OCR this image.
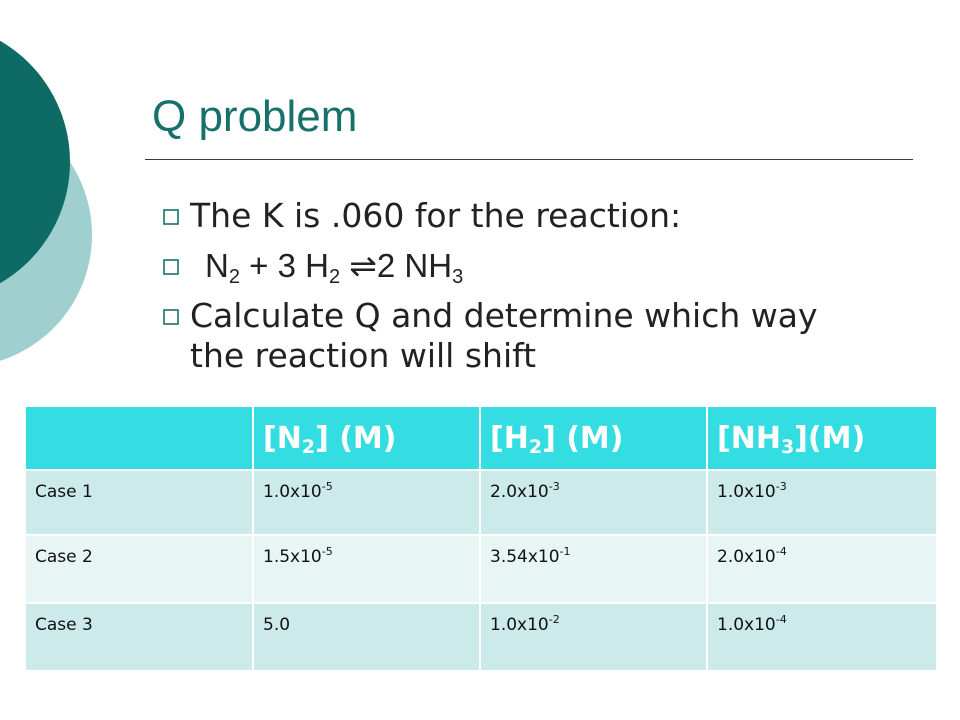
Q problem
The K is .060 for the reaction:
$N_2 + 3$ $H_2$ ⇌2 $NH_3$
Calculate Q and determine which way the reaction will shift
	$[N_2]$ (M)	$[H_2]$ (M)	$[NH_3](M)$
Case 1	$1.0x10^{-5}$	$2.0x10^{-3}$	$1.0x10^{-3}$
Case 2	$1.5x10^{-5}$	$3.54x10^{-1}$	$2.0x10^{-4}$
Case 3	5.0	$1.0x10^{-2}$	$1.0x10^{-4}$
